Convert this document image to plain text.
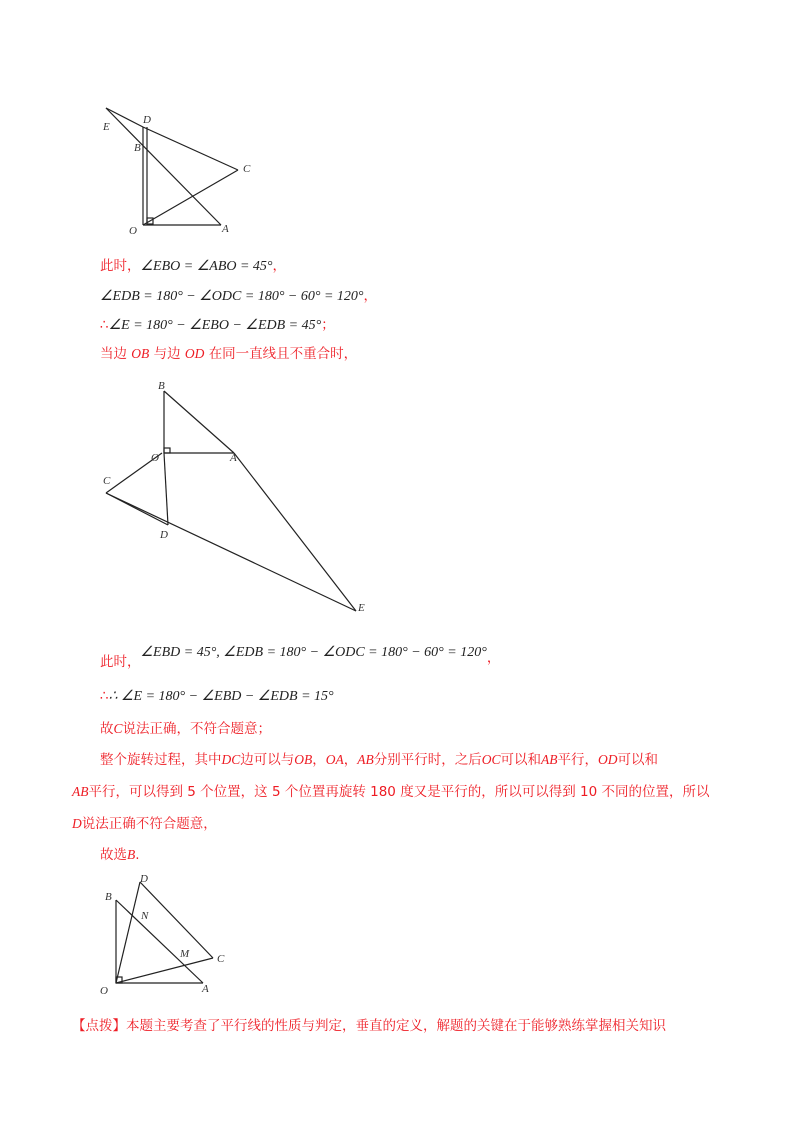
E
D
B
C
O	A
此时，∠EBO = ∠ABO = 45°，
∠EDB = 180° − ∠ODC = 180° − 60° = 120°，
∴∠E = 180° − ∠EBO − ∠EDB = 45°；
当边 OB 与边 OD 在同一直线且不重合时，
B
O	A
C
D
E
此时，∠EBD = 45°, ∠EDB = 180° − ∠ODC = 180° − 60° = 120°，
∴∴ ∠E = 180° − ∠EBD − ∠EDB = 15°
故C说法正确，不符合题意；
整个旋转过程，其中DC边可以与OB，OA，AB分别平行时，之后OC可以和AB平行，OD可以和
AB平行，可以得到 5 个位置，这 5 个位置再旋转 180 度又是平行的，所以可以得到 10 不同的位置，所以
D说法正确不符合题意，
故选B.
D
B
N
M	C
O	A
【点拨】本题主要考查了平行线的性质与判定，垂直的定义，解题的关键在于能够熟练掌握相关知识
